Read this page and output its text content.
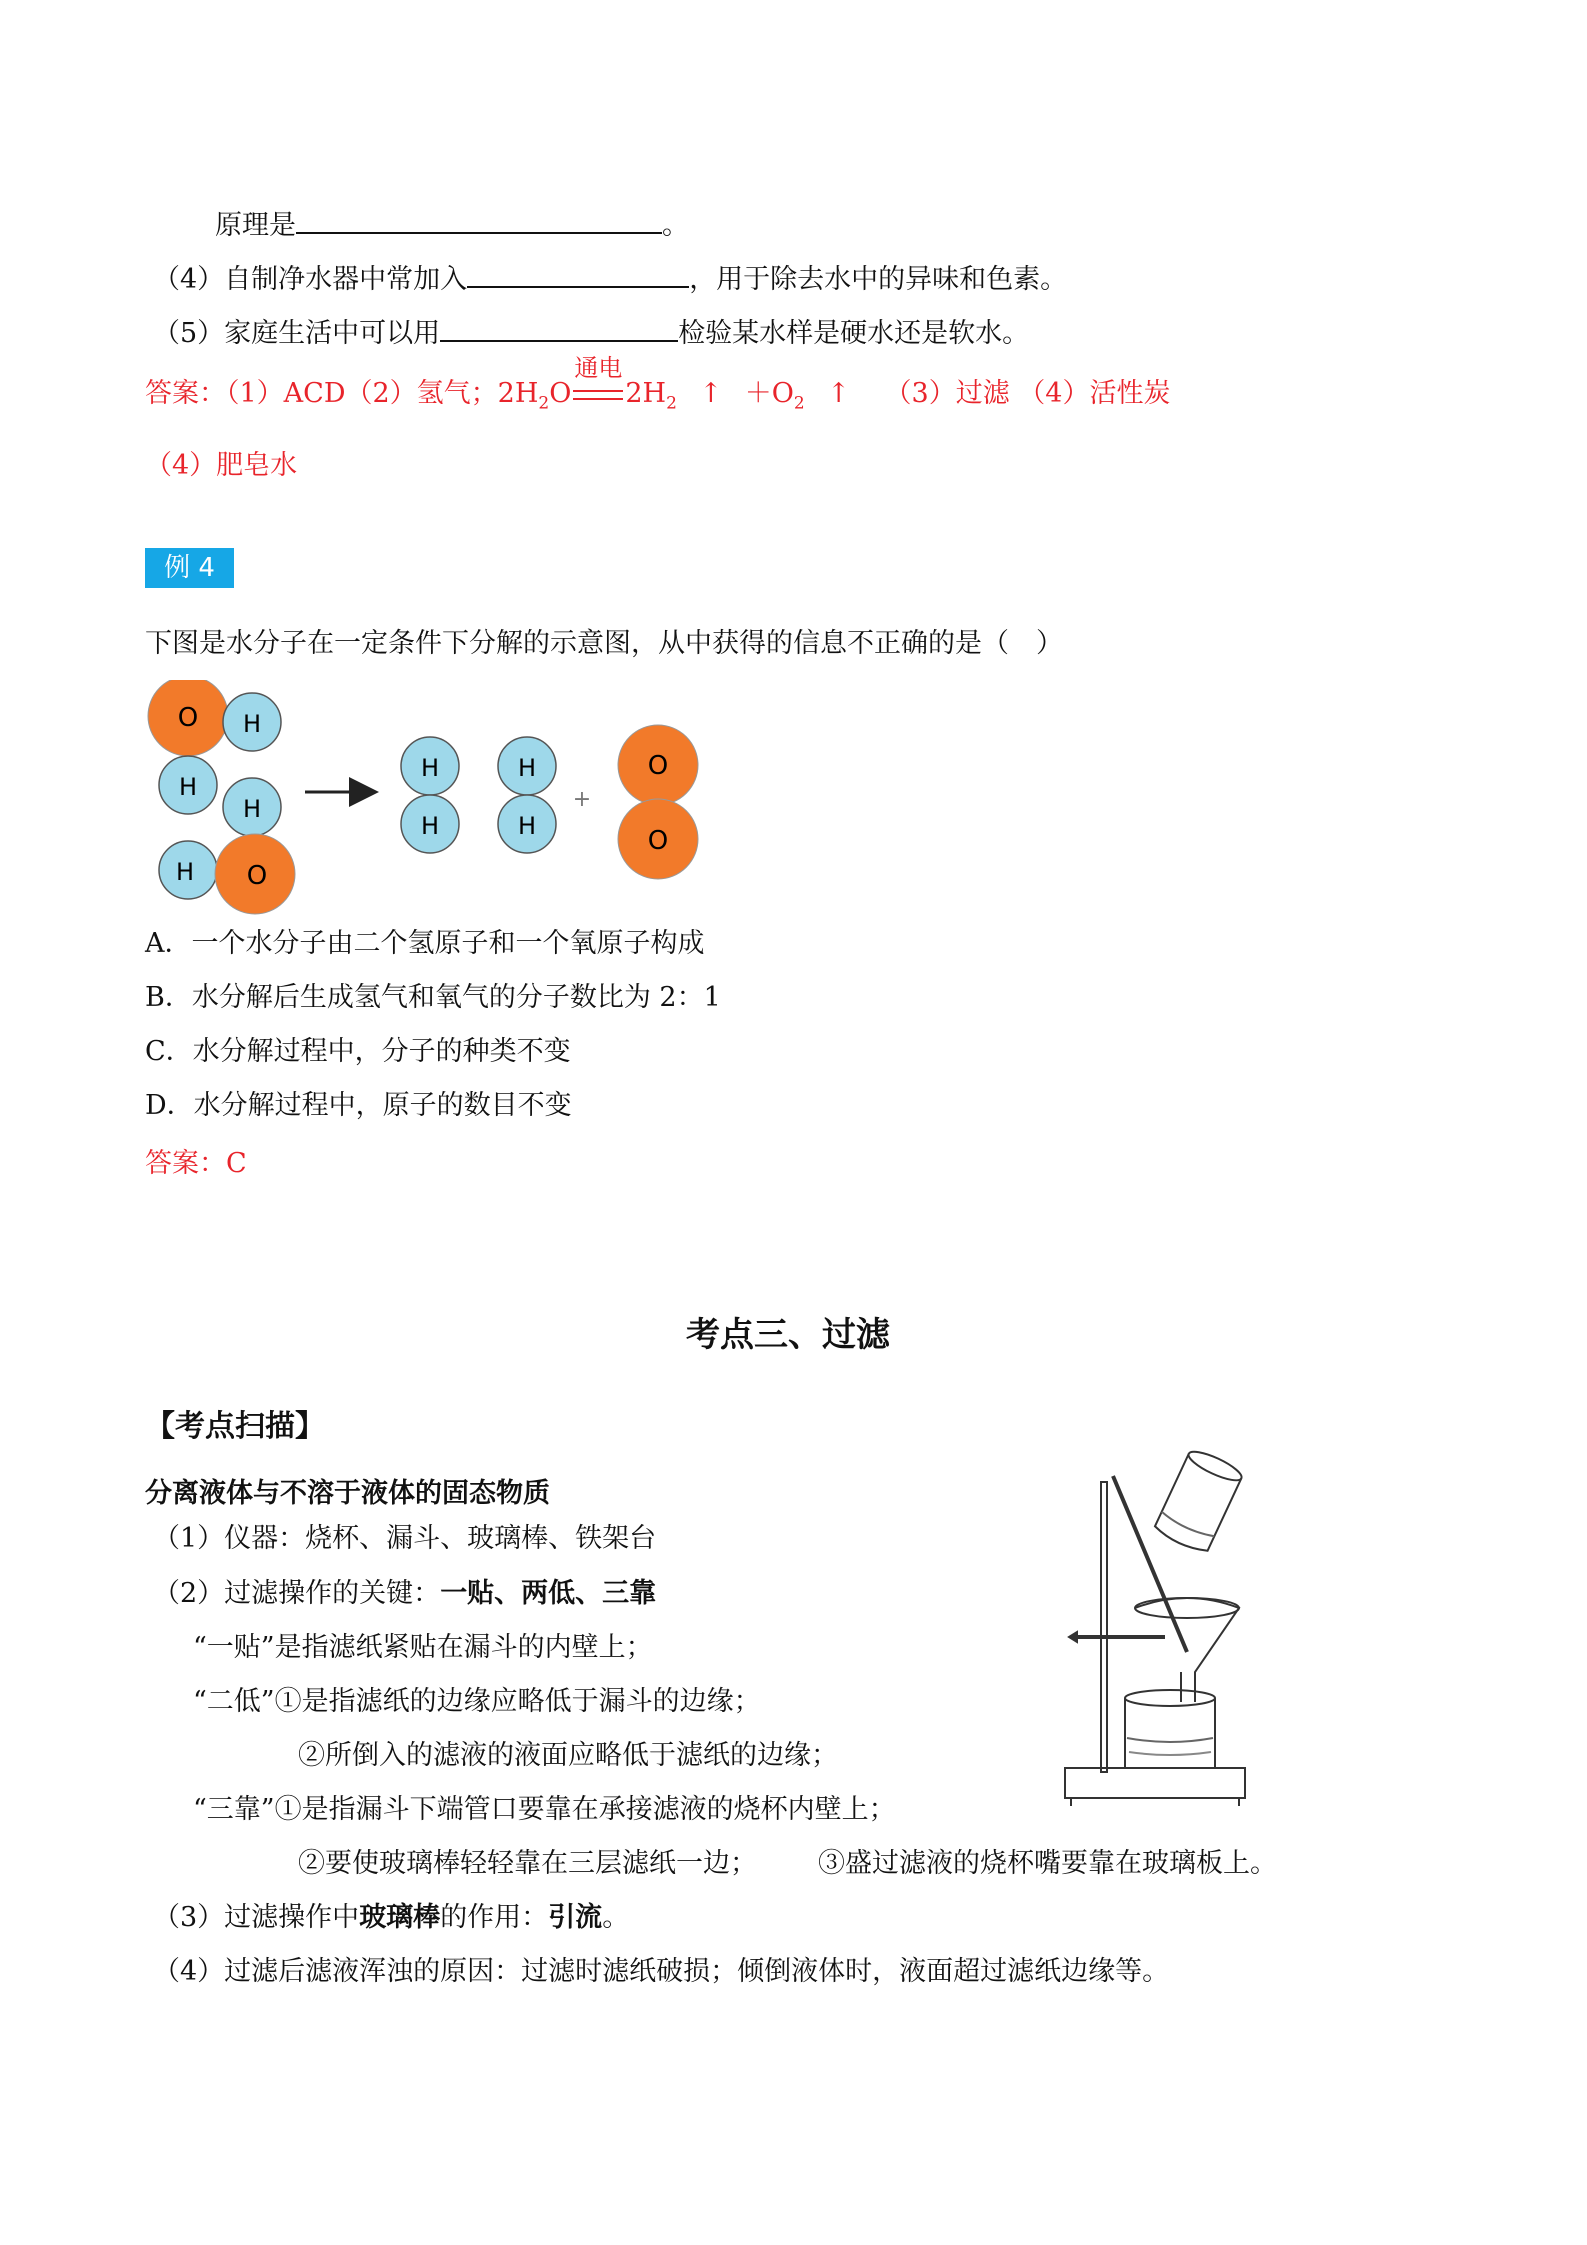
原理是	。
（4）自制净水器中常加入	，用于除去水中的异味和色素。
（5）家庭生活中可以用	检验某水样是硬水还是软水。
答案：（1）ACD（2）氢气；$2H_2O$
通电
$2H_2$ ↑ $+O_2$ ↑ （3）过滤 （4）活性炭
（4）肥皂水
例 4
下图是水分子在一定条件下分解的示意图，从中获得的信息不正确的是（　）
O H
H
H
H O
H
H
H
H
+
O
O
A．一个水分子由二个氢原子和一个氧原子构成
B．水分解后生成氢气和氧气的分子数比为 2：1
C．水分解过程中，分子的种类不变
D．水分解过程中，原子的数目不变
答案：C
考点三、过滤
【考点扫描】
分离液体与不溶于液体的固态物质
（1）仪器：烧杯、漏斗、玻璃棒、铁架台
（2）过滤操作的关键：一贴、两低、三靠
“一贴”是指滤纸紧贴在漏斗的内壁上；
“二低”①是指滤纸的边缘应略低于漏斗的边缘；
②所倒入的滤液的液面应略低于滤纸的边缘；
“三靠”①是指漏斗下端管口要靠在承接滤液的烧杯内壁上；
②要使玻璃棒轻轻靠在三层滤纸一边； ③盛过滤液的烧杯嘴要靠在玻璃板上。
（3）过滤操作中玻璃棒的作用：引流。
（4）过滤后滤液浑浊的原因：过滤时滤纸破损；倾倒液体时，液面超过滤纸边缘等。
